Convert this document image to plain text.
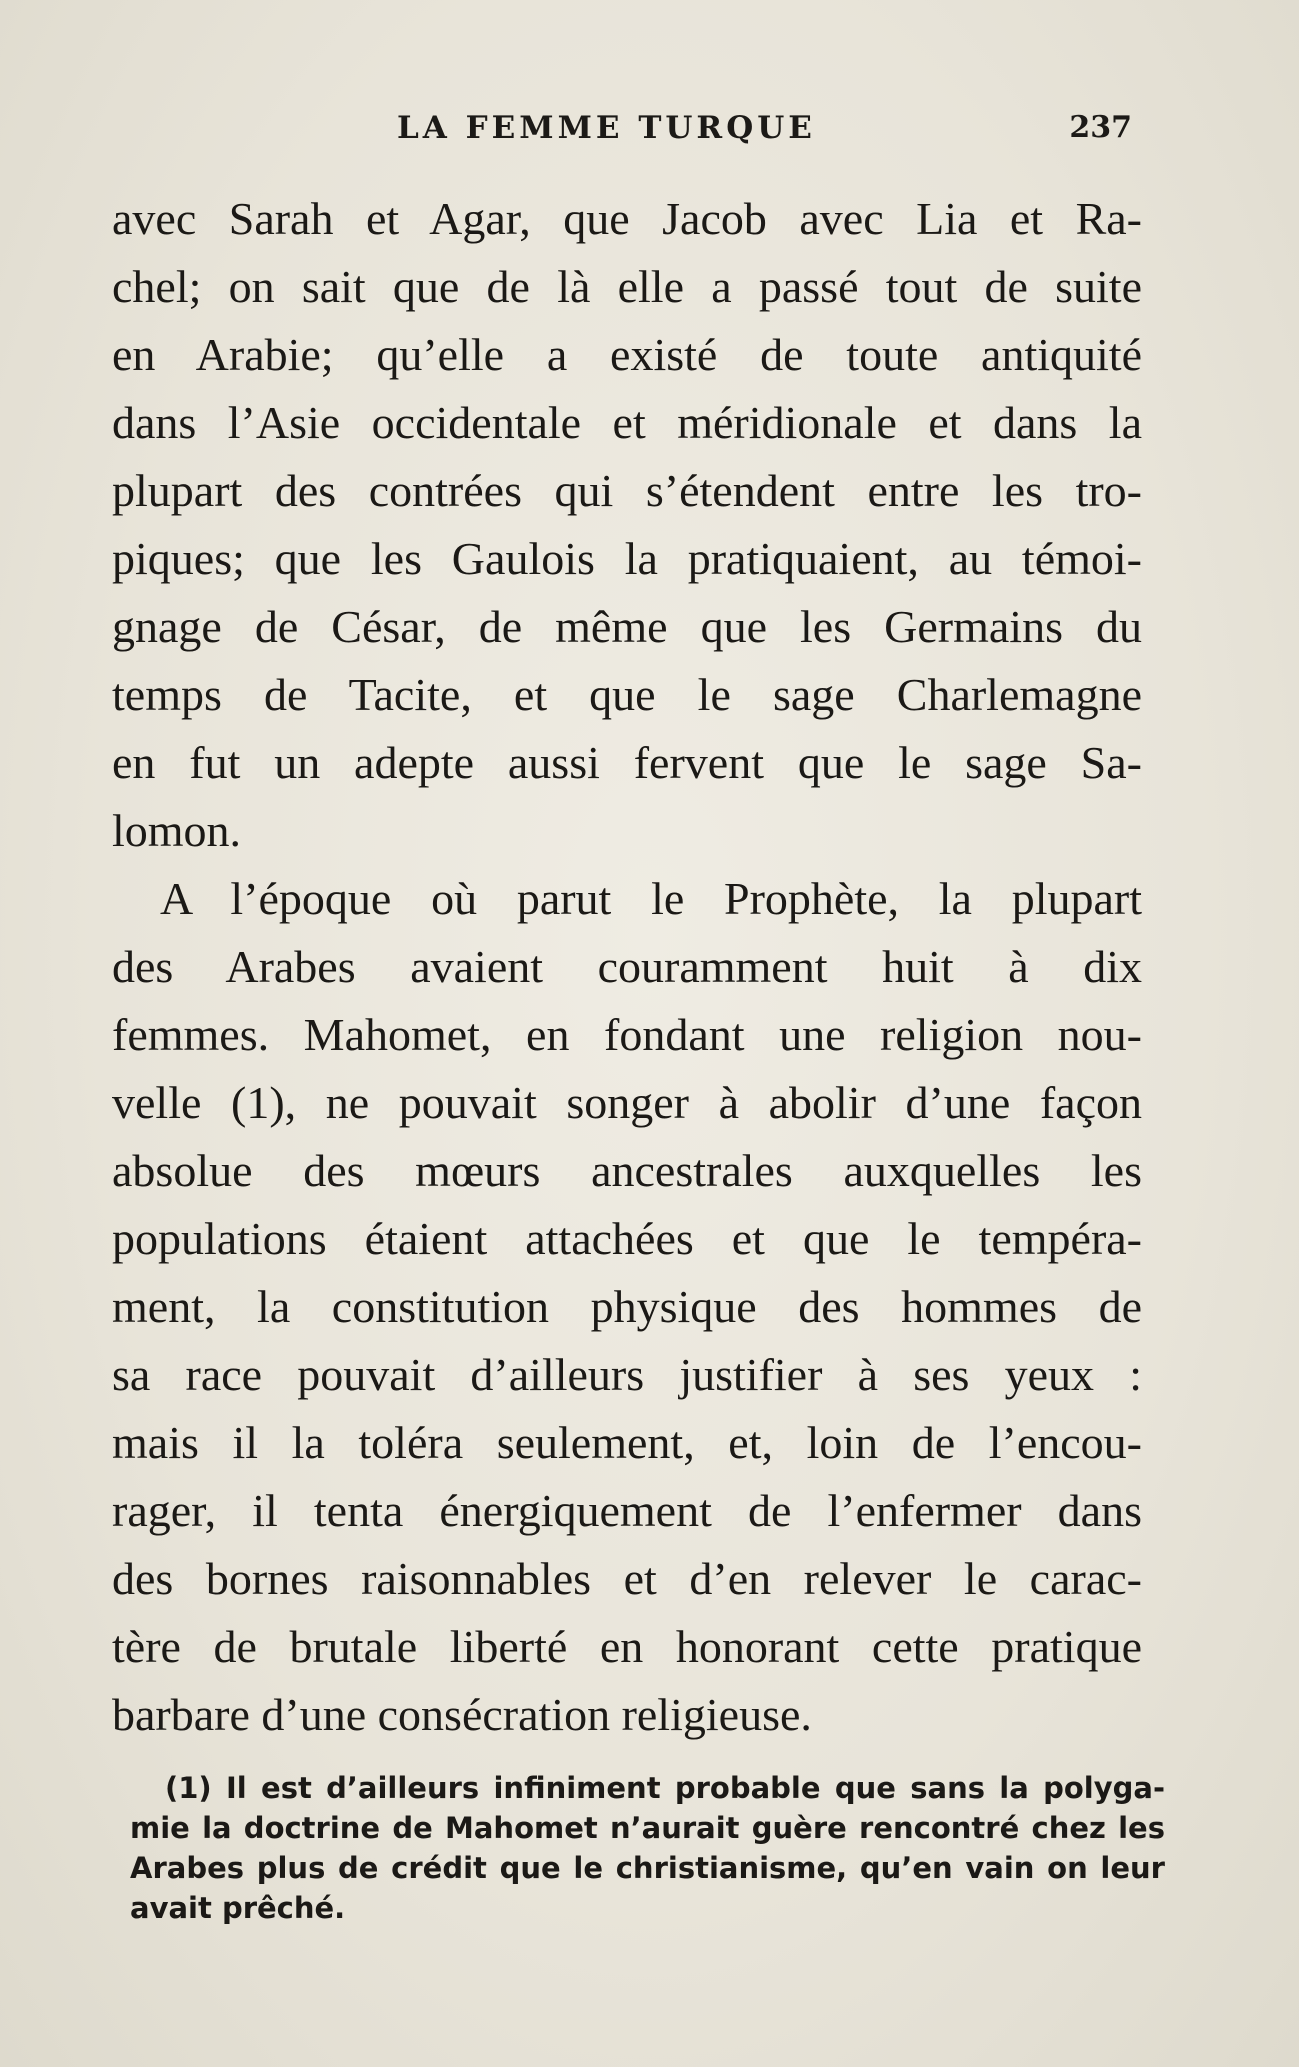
LA FEMME TURQUE	237
avec Sarah et Agar, que Jacob avec Lia et Ra-
chel; on sait que de là elle a passé tout de suite
en Arabie; qu’elle a existé de toute antiquité
dans l’Asie occidentale et méridionale et dans la
plupart des contrées qui s’étendent entre les tro-
piques; que les Gaulois la pratiquaient, au témoi-
gnage de César, de même que les Germains du
temps de Tacite, et que le sage Charlemagne
en fut un adepte aussi fervent que le sage Sa-
lomon.
A l’époque où parut le Prophète, la plupart
des Arabes avaient couramment huit à dix
femmes. Mahomet, en fondant une religion nou-
velle (1), ne pouvait songer à abolir d’une façon
absolue des mœurs ancestrales auxquelles les
populations étaient attachées et que le tempéra-
ment, la constitution physique des hommes de
sa race pouvait d’ailleurs justifier à ses yeux :
mais il la toléra seulement, et, loin de l’encou-
rager, il tenta énergiquement de l’enfermer dans
des bornes raisonnables et d’en relever le carac-
tère de brutale liberté en honorant cette pratique
barbare d’une consécration religieuse.
(1) Il est d’ailleurs infiniment probable que sans la polyga-
mie la doctrine de Mahomet n’aurait guère rencontré chez les
Arabes plus de crédit que le christianisme, qu’en vain on leur
avait prêché.
